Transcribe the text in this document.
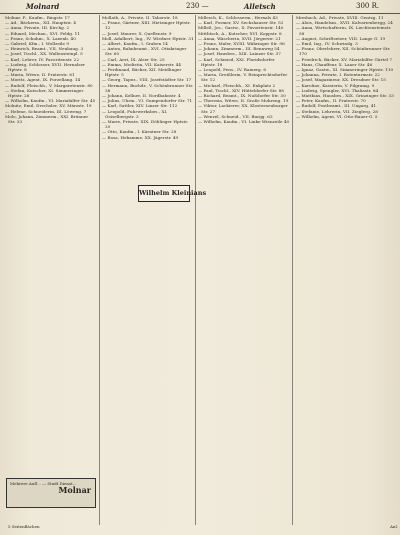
Molnard	230 —	Alletsch	300 R.

Molnar, F., Kaufm., Ringstr. 17

— Ad., Bäckerm., XII. Hauptstr. 4

— Anna, Private, III. Kirchg. 2

— Eduard, Mechan., XVI. Feldg. 11

— Franz, Schuhm., X. Laxenb. 40

— Gabriel, Kfm., I. Wollzeile 9

— Heinrich, Beamt., VII. Neubaug. 3

— Josef, Tischl., XX. Wallensteinpl. 5

— Karl, Lehrer, IV. Favoritenstr. 22

— Ludwig, Schlosser, XVII. Hernalser Hptstr. 8

— Maria, Witwe, II. Praterstr. 61

— Moritz, Agent, IX. Porzellang. 14

— Rudolf, Fleischh., V. Margaretenstr. 80

— Stefan, Kutscher, XI. Simmeringer Hptstr. 26

— Wilhelm, Kaufm., VI. Mariahilfer Str. 45

Molnitz, Emil, Drechsler, XV. Märzstr. 19

— Helene, Schneiderin, III. Löweng. 7

Molo, Johann, Zimmerm., XXI. Brünner Str. 33

Mollath, A., Private, II. Taborstr. 18

— Franz, Gärtner, XIII. Hietzinger Hptstr. 12

— Josef, Maurer, X. Quellenstr. 9

Moll, Adalbert, Ing., IV. Wiedner Hptstr. 31

— Albert, Kaufm., I. Graben 14

— Anton, Bahnbeamt., XVI. Ottakringer Str. 60

— Carl, Arzt, IX. Alser Str. 25

— Emma, Modistin, VII. Kaiserstr. 44

— Ferdinand, Bäcker, XII. Meidlinger Hptstr. 5

— Georg, Tapez., VIII. Josefstädter Str. 17

— Hermann, Buchdr., V. Schönbrunner Str. 38

— Johann, Kellner, II. Nordbahnstr. 4

— Julius, Uhrm., VI. Gumpendorfer Str. 71

— Karl, Sattler, XIV. Linzer Str. 112

— Leopold, Fuhrwerksbes., XI. Geiselbergstr. 3

— Marie, Private, XIX. Döblinger Hptstr. 20

— Otto, Kaufm., I. Kärntner Str. 28

— Rosa, Hebamme, XX. Jägerstr. 49

Millesch, K., Schlosserm., Hernals 43

— Karl, Former, XV. Sechshauser Str. 52

Milleß, Jos., Gastw., X. Favoritenstr. 140

Mittlitsch, A., Kutscher, XVI. Koppstr. 8

— Anna, Wäscherin, XVII. Jörgerstr. 21

— Franz, Maler, XVIII. Währinger Str. 96

— Johann, Zimmerm., III. Rennweg 54

— Josef, Hausbes., XIII. Lainzer Str. 37

— Karl, Schmied, XXI. Floridsdorfer Hptstr. 18

— Leopold, Pens., IV. Rainerg. 6

— Maria, Greißlerin, V. Reinprechtsdorfer Str. 12

— Michael, Fleischh., XI. Enkplatz 2

— Paul, Tischl., XIV. Hütteldorfer Str. 88

— Richard, Beamt., IX. Nußdorfer Str. 30

— Theresia, Witwe, II. Große Mohreng. 19

— Viktor, Lackierer, XX. Klosterneuburger Str. 27

— Wenzel, Schneid., VII. Burgg. 63

— Wilhelm, Kaufm., VI. Linke Wienzeile 40

Miesbach, Ad., Private, XVIII. Gentzg. 11

— Alois, Handelsm., XVII. Kalvarienbergg. 24

— Anna, Wirtschafterin, IX. Liechtensteinstr. 58

— August, Schriftsetzer, VIII. Lange G. 19

— Emil, Ing., IV. Schwindg. 3

— Franz, Oberlehrer, XII. Schönbrunner Str. 170

— Friedrich, Bäcker, XV. Mariahilfer Gürtel 7

— Hans, Chauffeur, X. Laaer Str. 46

— Ignaz, Gastw., XI. Simmeringer Hptstr. 110

— Johanna, Private, I. Rotenturmstr. 22

— Josef, Magazineur, XX. Dresdner Str. 15

— Karoline, Kassierin, V. Pilgramg. 9

— Ludwig, Spengler, XVI. Thaliastr. 84

— Matthias, Hausbes., XIX. Grinzinger Str. 33

— Peter, Kaufm., II. Praterstr. 70

— Rudolf, Postbeamt., III. Ungarg. 41

— Stefanie, Lehrerin, VII. Zieglerg. 28

— Wilhelm, Agent, VI. Otto-Bauer-G. 5

Wilhelm Kleinians
Mehrere Aufl... — Stadt Dienst...
Molnar
5 Seitenflächen	Anl.
